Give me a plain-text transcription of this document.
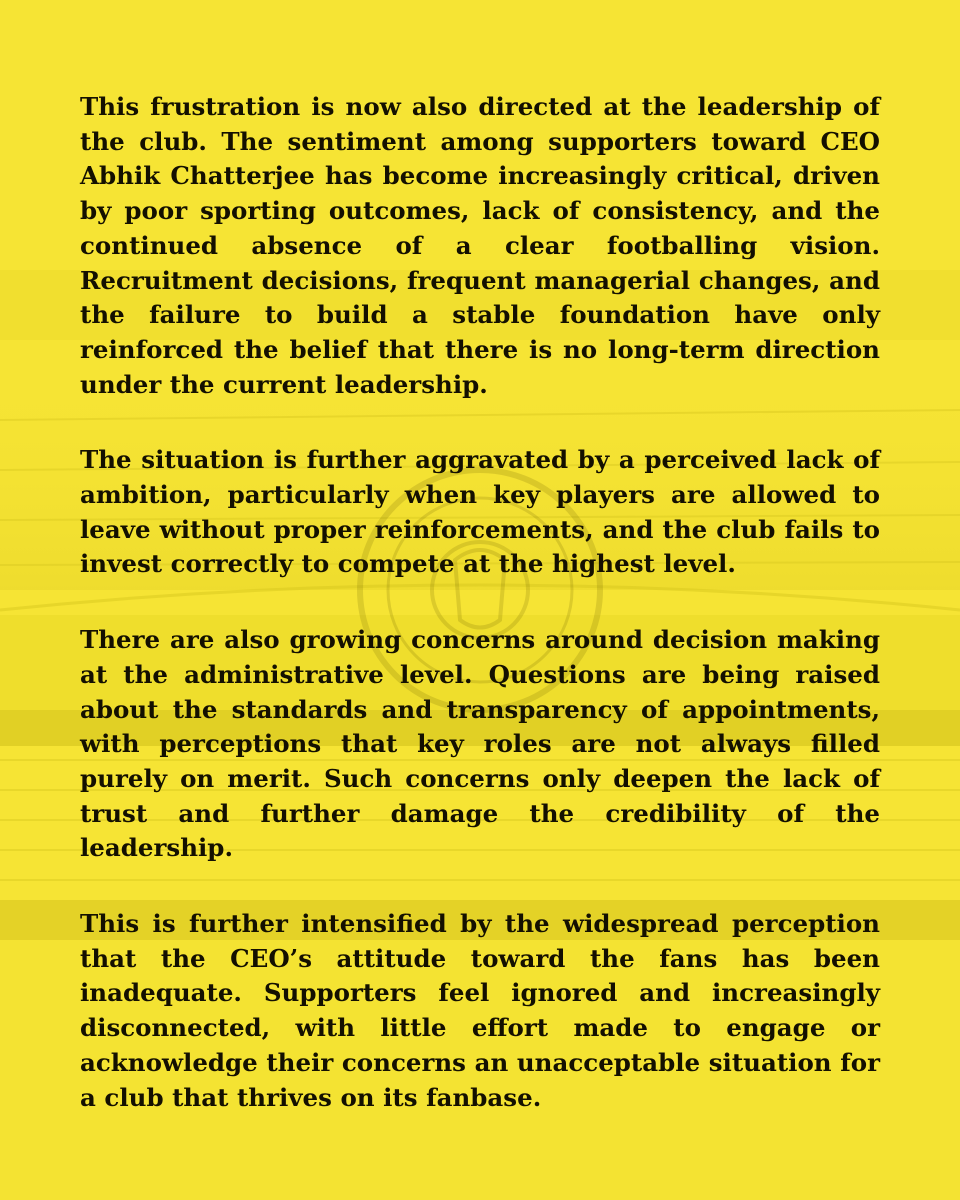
This frustration is now also directed at the leadership of the club. The sentiment among supporters toward CEO Abhik Chatterjee has become increasingly critical, driven by poor sporting outcomes, lack of consistency, and the continued absence of a clear footballing vision. Recruitment decisions, frequent managerial changes, and the failure to build a stable foundation have only reinforced the belief that there is no long-term direction under the current leadership.

The situation is further aggravated by a perceived lack of ambition, particularly when key players are allowed to leave without proper reinforcements, and the club fails to invest correctly to compete at the highest level.

There are also growing concerns around decision making at the administrative level. Questions are being raised about the standards and transparency of appointments, with perceptions that key roles are not always filled purely on merit. Such concerns only deepen the lack of trust and further damage the credibility of the leadership.

This is further intensified by the widespread perception that the CEO’s attitude toward the fans has been inadequate. Supporters feel ignored and increasingly disconnected, with little effort made to engage or acknowledge their concerns an unacceptable situation for a club that thrives on its fanbase.
